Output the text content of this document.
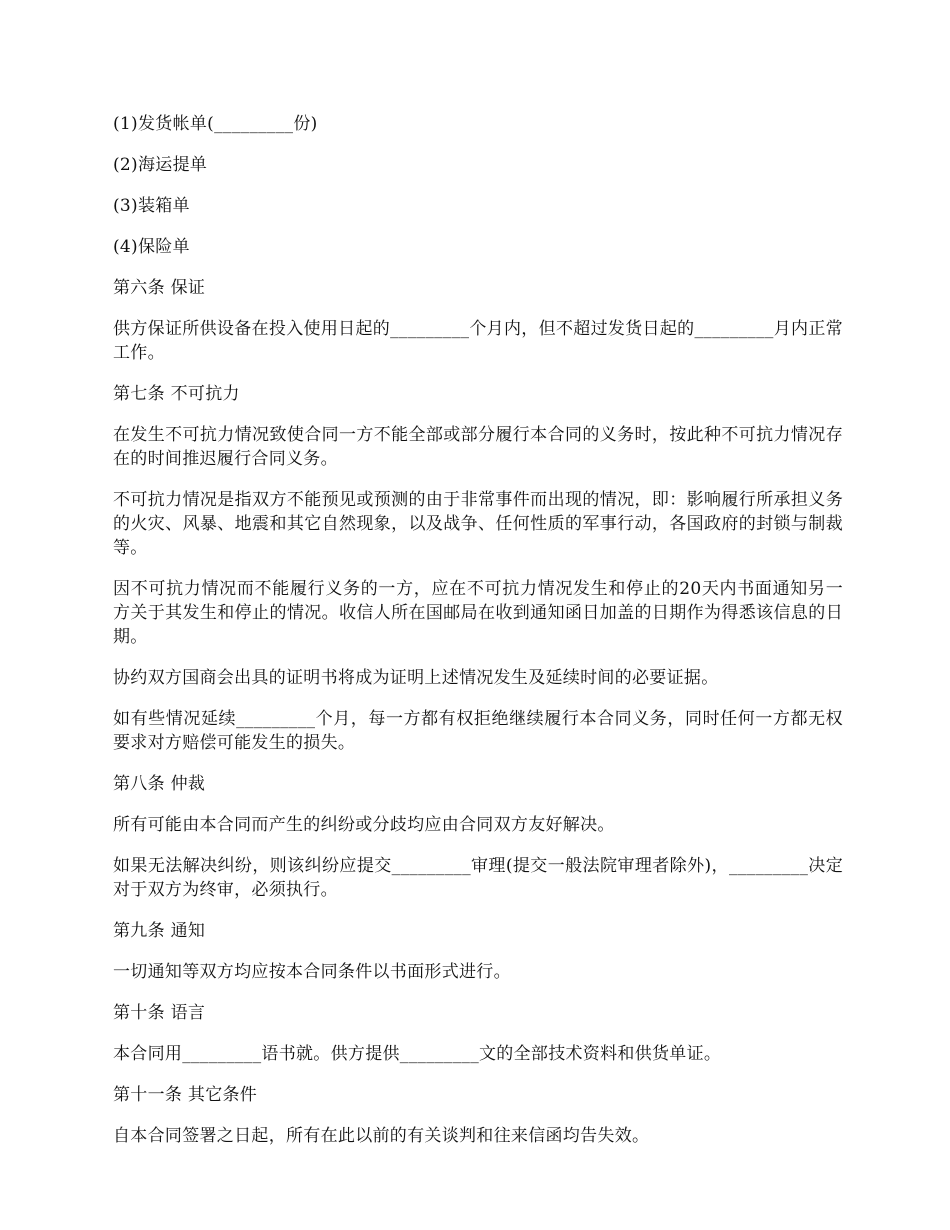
(1)发货帐单(_________份)

(2)海运提单

(3)装箱单

(4)保险单

第六条 保证

供方保证所供设备在投入使用日起的_________个月内，但不超过发货日起的_________月内正常工作。

第七条 不可抗力

在发生不可抗力情况致使合同一方不能全部或部分履行本合同的义务时，按此种不可抗力情况存在的时间推迟履行合同义务。

不可抗力情况是指双方不能预见或预测的由于非常事件而出现的情况，即：影响履行所承担义务的火灾、风暴、地震和其它自然现象，以及战争、任何性质的军事行动，各国政府的封锁与制裁等。

因不可抗力情况而不能履行义务的一方，应在不可抗力情况发生和停止的20天内书面通知另一方关于其发生和停止的情况。收信人所在国邮局在收到通知函日加盖的日期作为得悉该信息的日期。

协约双方国商会出具的证明书将成为证明上述情况发生及延续时间的必要证据。

如有些情况延续_________个月，每一方都有权拒绝继续履行本合同义务，同时任何一方都无权要求对方赔偿可能发生的损失。

第八条 仲裁

所有可能由本合同而产生的纠纷或分歧均应由合同双方友好解决。

如果无法解决纠纷，则该纠纷应提交_________审理(提交一般法院审理者除外)，_________决定对于双方为终审，必须执行。

第九条 通知

一切通知等双方均应按本合同条件以书面形式进行。

第十条 语言

本合同用_________语书就。供方提供_________文的全部技术资料和供货单证。

第十一条 其它条件

自本合同签署之日起，所有在此以前的有关谈判和往来信函均告失效。
